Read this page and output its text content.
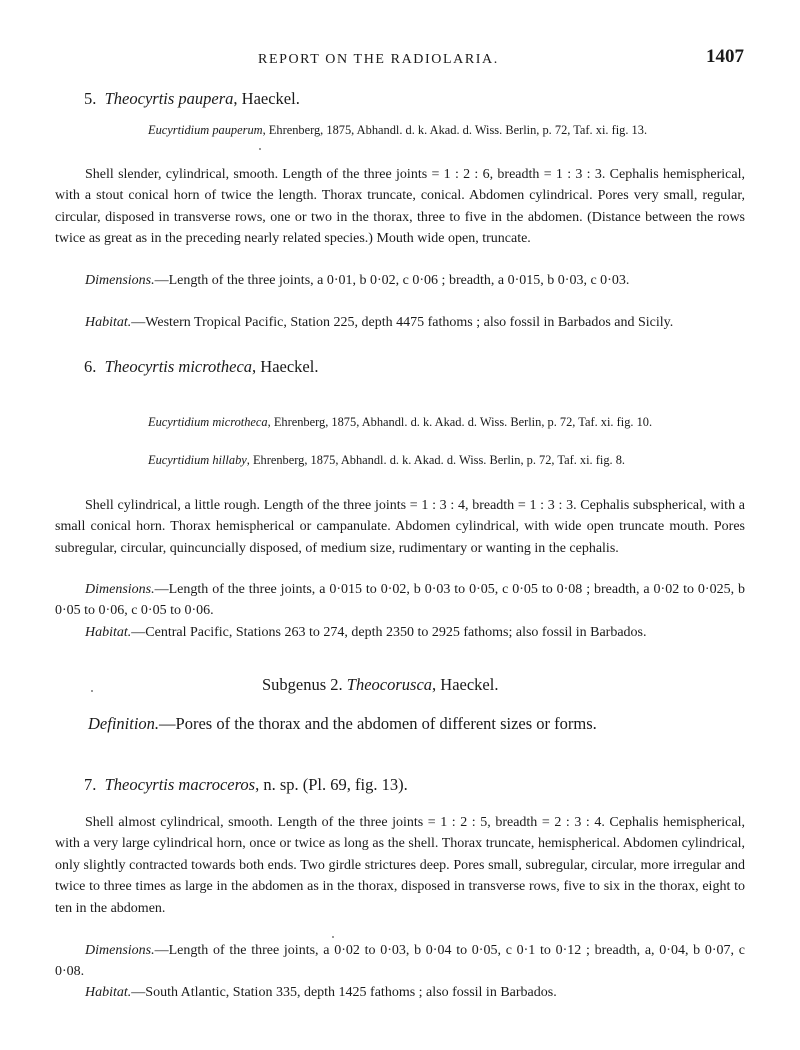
REPORT ON THE RADIOLARIA.	1407
5. Theocyrtis paupera, Haeckel.
Eucyrtidium pauperum, Ehrenberg, 1875, Abhandl. d. k. Akad. d. Wiss. Berlin, p. 72, Taf. xi. fig. 13.
Shell slender, cylindrical, smooth. Length of the three joints = 1 : 2 : 6, breadth = 1 : 3 : 3. Cephalis hemispherical, with a stout conical horn of twice the length. Thorax truncate, conical. Abdomen cylindrical. Pores very small, regular, circular, disposed in transverse rows, one or two in the thorax, three to five in the abdomen. (Distance between the rows twice as great as in the preceding nearly related species.) Mouth wide open, truncate.
Dimensions.—Length of the three joints, a 0·01, b 0·02, c 0·06 ; breadth, a 0·015, b 0·03, c 0·03.
Habitat.—Western Tropical Pacific, Station 225, depth 4475 fathoms ; also fossil in Barbados and Sicily.
6. Theocyrtis microtheca, Haeckel.
Eucyrtidium microtheca, Ehrenberg, 1875, Abhandl. d. k. Akad. d. Wiss. Berlin, p. 72, Taf. xi. fig. 10.
Eucyrtidium hillaby, Ehrenberg, 1875, Abhandl. d. k. Akad. d. Wiss. Berlin, p. 72, Taf. xi. fig. 8.
Shell cylindrical, a little rough. Length of the three joints = 1 : 3 : 4, breadth = 1 : 3 : 3. Cephalis subspherical, with a small conical horn. Thorax hemispherical or campanulate. Abdomen cylindrical, with wide open truncate mouth. Pores subregular, circular, quincuncially disposed, of medium size, rudimentary or wanting in the cephalis.
Dimensions.—Length of the three joints, a 0·015 to 0·02, b 0·03 to 0·05, c 0·05 to 0·08 ; breadth, a 0·02 to 0·025, b 0·05 to 0·06, c 0·05 to 0·06.
Habitat.—Central Pacific, Stations 263 to 274, depth 2350 to 2925 fathoms; also fossil in Barbados.
Subgenus 2. Theocorusca, Haeckel.
Definition.—Pores of the thorax and the abdomen of different sizes or forms.
7. Theocyrtis macroceros, n. sp. (Pl. 69, fig. 13).
Shell almost cylindrical, smooth. Length of the three joints = 1 : 2 : 5, breadth = 2 : 3 : 4. Cephalis hemispherical, with a very large cylindrical horn, once or twice as long as the shell. Thorax truncate, hemispherical. Abdomen cylindrical, only slightly contracted towards both ends. Two girdle strictures deep. Pores small, subregular, circular, more irregular and twice to three times as large in the abdomen as in the thorax, disposed in transverse rows, five to six in the thorax, eight to ten in the abdomen.
Dimensions.—Length of the three joints, a 0·02 to 0·03, b 0·04 to 0·05, c 0·1 to 0·12 ; breadth, a, 0·04, b 0·07, c 0·08.
Habitat.—South Atlantic, Station 335, depth 1425 fathoms ; also fossil in Barbados.
